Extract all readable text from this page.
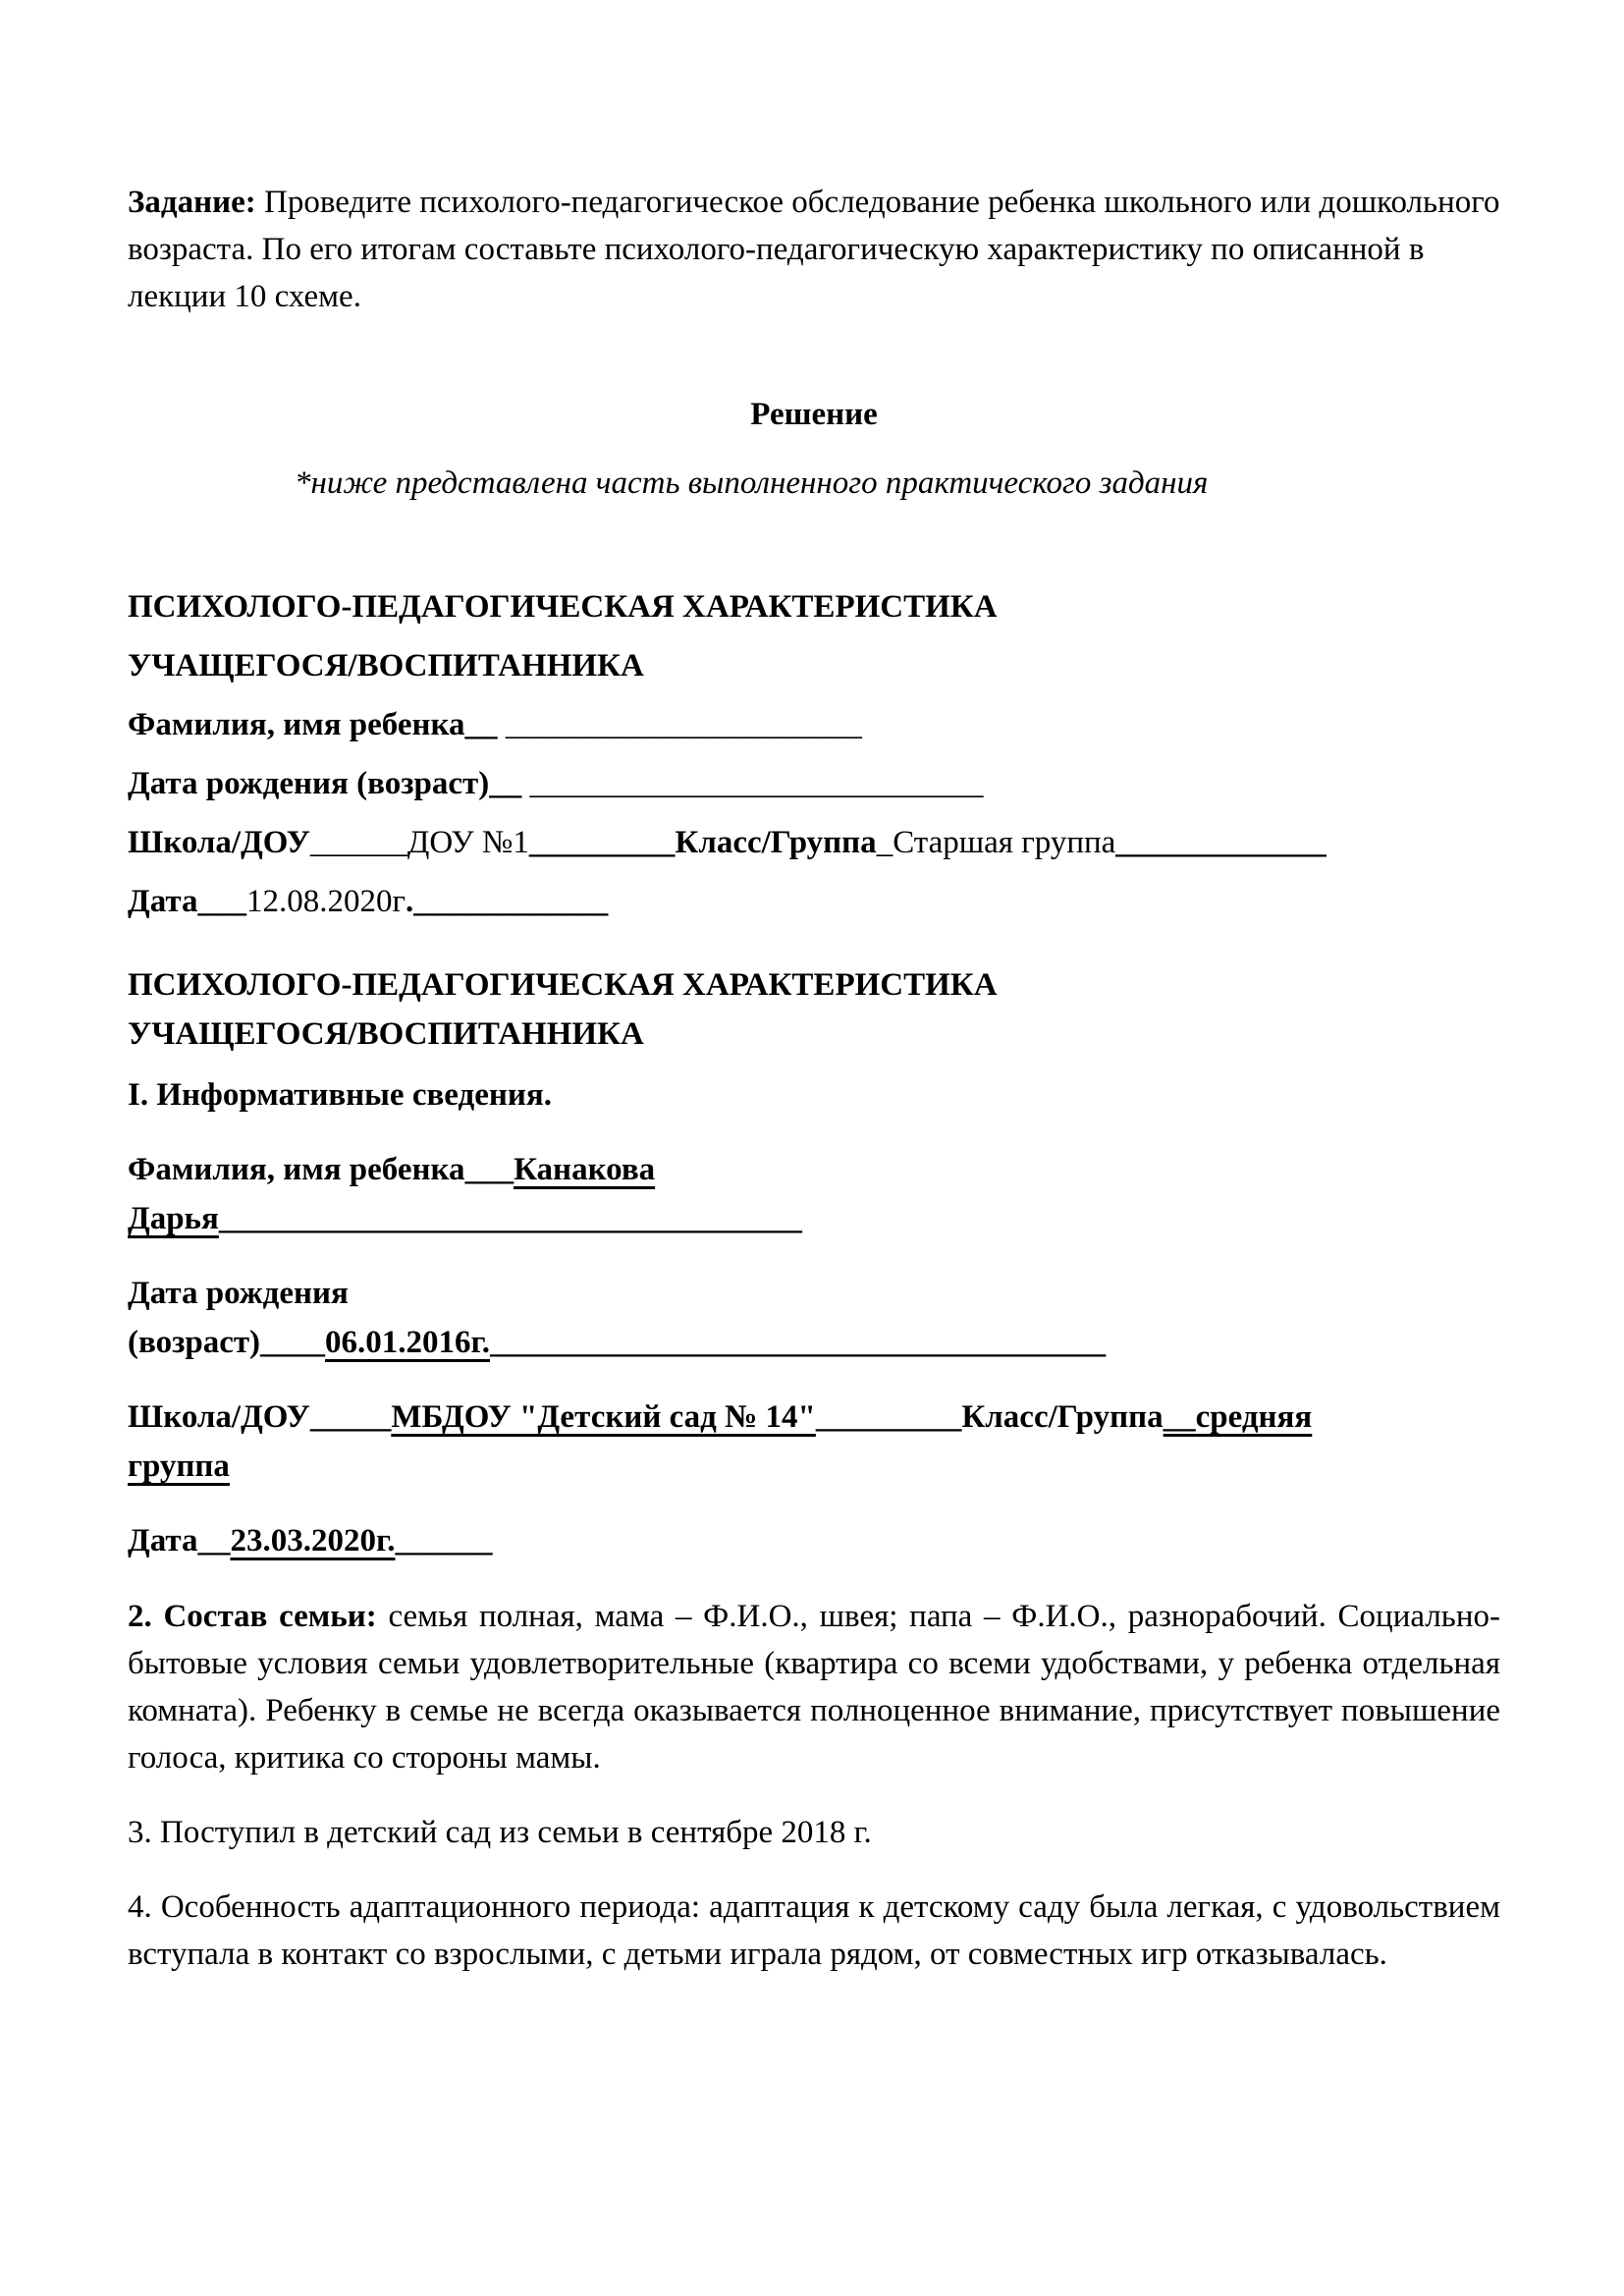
Задание: Проведите психолого-педагогическое обследование ребенка школьного или дошкольного возраста. По его итогам составьте психолого-педагогическую характеристику по описанной в лекции 10 схеме.

Решение

*ниже представлена часть выполненного практического задания

ПСИХОЛОГО-ПЕДАГОГИЧЕСКАЯ ХАРАКТЕРИСТИКА

УЧАЩЕГОСЯ/ВОСПИТАННИКА

Фамилия, имя ребенка__ ______________________

Дата рождения (возраст)__ ____________________________

Школа/ДОУ______ДОУ №1_________Класс/Группа_Старшая группа_____________

Дата___12.08.2020г.____________

ПСИХОЛОГО-ПЕДАГОГИЧЕСКАЯ ХАРАКТЕРИСТИКА

УЧАЩЕГОСЯ/ВОСПИТАННИКА

I. Информативные сведения.

Фамилия, имя ребенка___Канакова

Дарья____________________________________

Дата рождения

(возраст)____06.01.2016г.______________________________________

Школа/ДОУ_____МБДОУ "Детский сад № 14"_________Класс/Группа__средняя

группа

Дата__23.03.2020г.______

2. Состав семьи: семья полная, мама – Ф.И.О., швея; папа – Ф.И.О., разнорабочий. Социально-бытовые условия семьи удовлетворительные (квартира со всеми удобствами, у ребенка отдельная комната). Ребенку в семье не всегда оказывается полноценное внимание, присутствует повышение голоса, критика со стороны мамы.

3. Поступил в детский сад из семьи в сентябре 2018 г.

4. Особенность адаптационного периода: адаптация к детскому саду была легкая, с удовольствием вступала в контакт со взрослыми, с детьми играла рядом, от совместных игр отказывалась.
